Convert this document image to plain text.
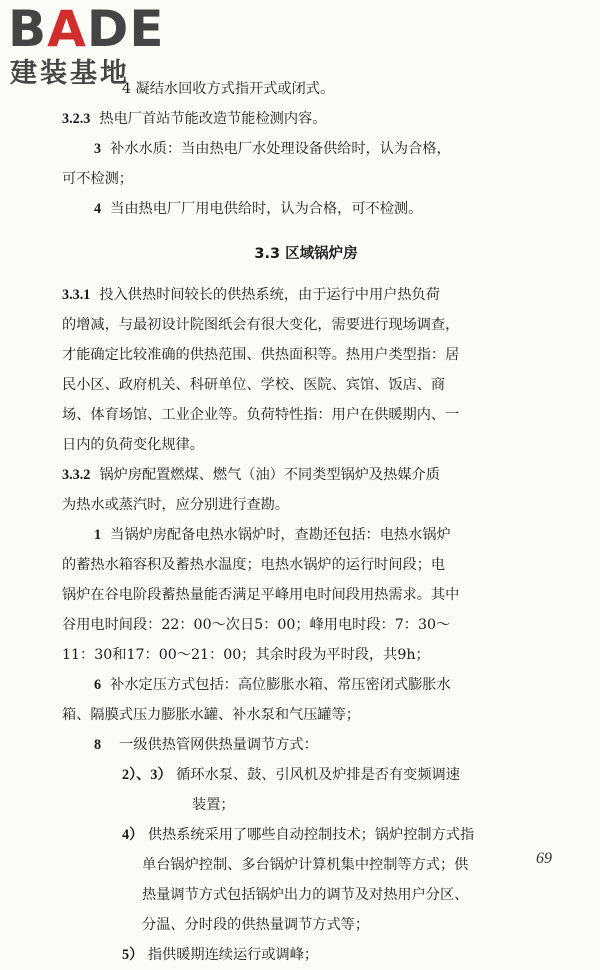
BADE
建装基地
4 凝结水回收方式指开式或闭式。
3.2.3 热电厂首站节能改造节能检测内容。
3 补水水质：当由热电厂水处理设备供给时，认为合格，
可不检测；
4 当由热电厂厂用电供给时，认为合格，可不检测。
3.3 区域锅炉房
3.3.1 投入供热时间较长的供热系统，由于运行中用户热负荷
的增减，与最初设计院图纸会有很大变化，需要进行现场调查，
才能确定比较准确的供热范围、供热面积等。热用户类型指：居
民小区、政府机关、科研单位、学校、医院、宾馆、饭店、商
场、体育场馆、工业企业等。负荷特性指：用户在供暖期内、一
日内的负荷变化规律。
3.3.2 锅炉房配置燃煤、燃气（油）不同类型锅炉及热媒介质
为热水或蒸汽时，应分别进行查勘。
1 当锅炉房配备电热水锅炉时，查勘还包括：电热水锅炉
的蓄热水箱容积及蓄热水温度；电热水锅炉的运行时间段；电
锅炉在谷电阶段蓄热量能否满足平峰用电时间段用热需求。其中
谷用电时间段：22：00～次日5：00；峰用电时段：7：30～
11：30和17：00～21：00；其余时段为平时段，共9h；
6 补水定压方式包括：高位膨胀水箱、常压密闭式膨胀水
箱、隔膜式压力膨胀水罐、补水泵和气压罐等；
8 一级供热管网供热量调节方式：
2）、3） 循环水泵、鼓、引风机及炉排是否有变频调速
装置；
4） 供热系统采用了哪些自动控制技术；锅炉控制方式指
单台锅炉控制、多台锅炉计算机集中控制等方式；供
热量调节方式包括锅炉出力的调节及对热用户分区、
分温、分时段的供热量调节方式等；
5） 指供暖期连续运行或调峰；
69
